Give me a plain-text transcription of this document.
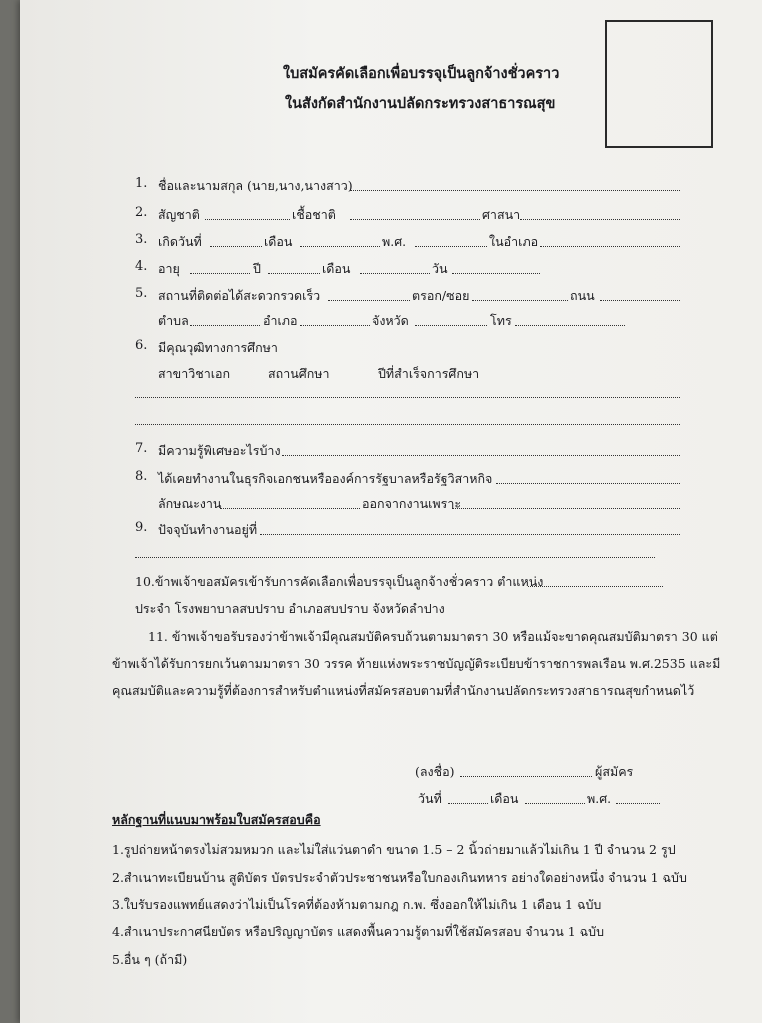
ใบสมัครคัดเลือกเพื่อบรรจุเป็นลูกจ้างชั่วคราว
ในสังกัดสำนักงานปลัดกระทรวงสาธารณสุข
1. ชื่อและนามสกุล (นาย,นาง,นางสาว)
2. สัญชาติ	เชื้อชาติ	ศาสนา
3. เกิดวันที่	เดือน	พ.ศ.	ในอำเภอ
4. อายุ	ปี	เดือน	วัน
5. สถานที่ติดต่อได้สะดวกรวดเร็ว	ตรอก/ซอย	ถนน
ตำบล	อำเภอ	จังหวัด	โทร
6. มีคุณวุฒิทางการศึกษา
สาขาวิชาเอก	สถานศึกษา	ปีที่สำเร็จการศึกษา
7. มีความรู้พิเศษอะไรบ้าง
8. ได้เคยทำงานในธุรกิจเอกชนหรือองค์การรัฐบาลหรือรัฐวิสาหกิจ
ลักษณะงาน	ออกจากงานเพราะ
9. ปัจจุบันทำงานอยู่ที่
10.ข้าพเจ้าขอสมัครเข้ารับการคัดเลือกเพื่อบรรจุเป็นลูกจ้างชั่วคราว ตำแหน่ง
ประจำ โรงพยาบาลสบปราบ อำเภอสบปราบ จังหวัดลำปาง
11. ข้าพเจ้าขอรับรองว่าข้าพเจ้ามีคุณสมบัติครบถ้วนตามมาตรา 30 หรือแม้จะขาดคุณสมบัติมาตรา 30 แต่
ข้าพเจ้าได้รับการยกเว้นตามมาตรา 30 วรรค ท้ายแห่งพระราชบัญญัติระเบียบข้าราชการพลเรือน พ.ศ.2535 และมี
คุณสมบัติและความรู้ที่ต้องการสำหรับตำแหน่งที่สมัครสอบตามที่สำนักงานปลัดกระทรวงสาธารณสุขกำหนดไว้
(ลงชื่อ)	ผู้สมัคร
วันที่	เดือน	พ.ศ.
หลักฐานที่แนบมาพร้อมใบสมัครสอบคือ
1.รูปถ่ายหน้าตรงไม่สวมหมวก และไม่ใส่แว่นตาดำ ขนาด 1.5 – 2 นิ้วถ่ายมาแล้วไม่เกิน 1 ปี จำนวน 2 รูป
2.สำเนาทะเบียนบ้าน สูติบัตร บัตรประจำตัวประชาชนหรือใบกองเกินทหาร อย่างใดอย่างหนึ่ง จำนวน 1 ฉบับ
3.ใบรับรองแพทย์แสดงว่าไม่เป็นโรคที่ต้องห้ามตามกฎ ก.พ. ซึ่งออกให้ไม่เกิน 1 เดือน 1 ฉบับ
4.สำเนาประกาศนียบัตร หรือปริญญาบัตร แสดงพื้นความรู้ตามที่ใช้สมัครสอบ จำนวน 1 ฉบับ
5.อื่น ๆ (ถ้ามี)
